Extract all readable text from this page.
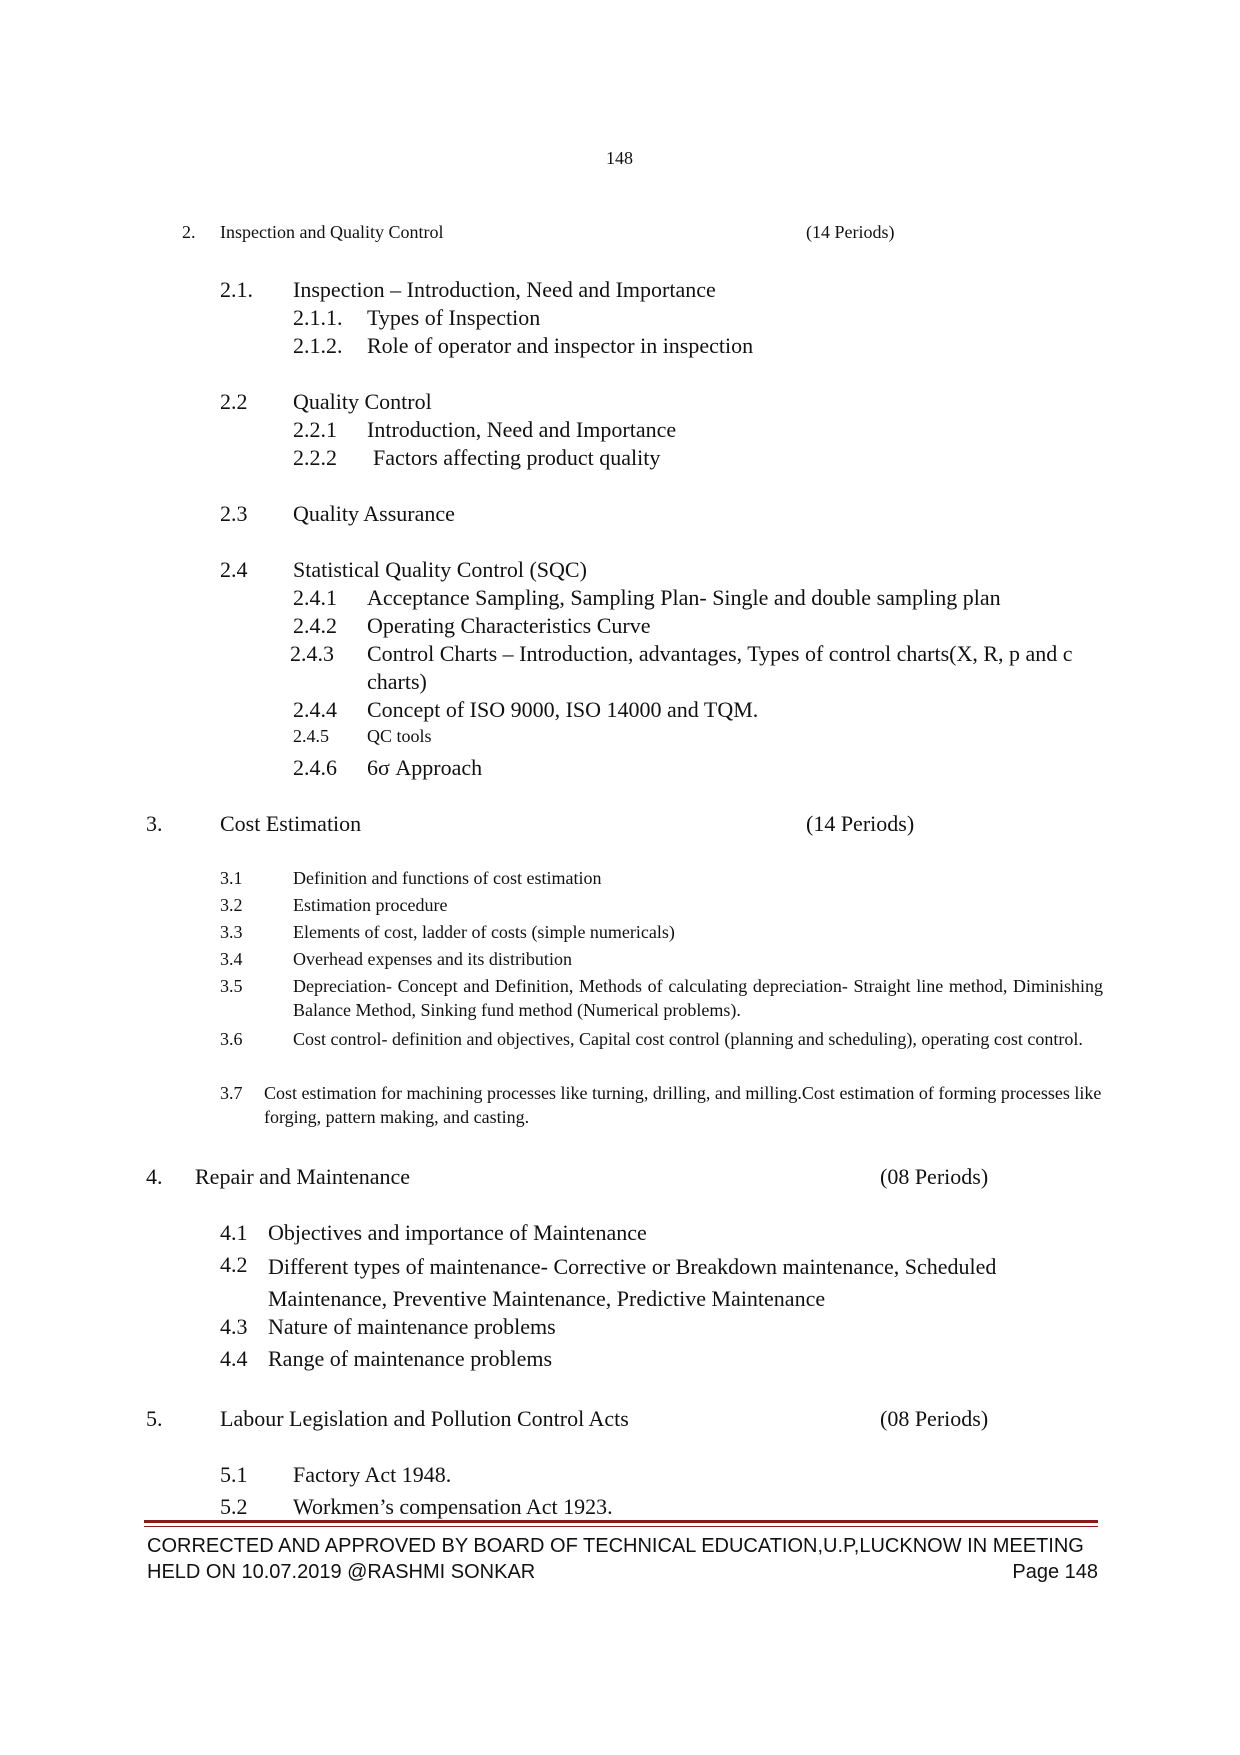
148
2. Inspection and Quality Control	(14 Periods)
2.1. Inspection – Introduction, Need and Importance
2.1.1. Types of Inspection
2.1.2. Role of operator and inspector in inspection
2.2 Quality Control
2.2.1 Introduction, Need and Importance
2.2.2 Factors affecting product quality
2.3 Quality Assurance
2.4 Statistical Quality Control (SQC)
2.4.1 Acceptance Sampling, Sampling Plan- Single and double sampling plan
2.4.2 Operating Characteristics Curve
2.4.3 Control Charts – Introduction, advantages, Types of control charts(X, R, p and c charts)
2.4.4 Concept of ISO 9000, ISO 14000 and TQM.
2.4.5 QC tools
2.4.6 6σ Approach
3.	Cost Estimation	(14 Periods)
3.1	Definition and functions of cost estimation
3.2	Estimation procedure
3.3	Elements of cost, ladder of costs (simple numericals)
3.4	Overhead expenses and its distribution
3.5	Depreciation- Concept and Definition, Methods of calculating depreciation- Straight line method, Diminishing Balance Method, Sinking fund method (Numerical problems).
3.6	Cost control- definition and objectives, Capital cost control (planning and scheduling), operating cost control.
3.7 Cost estimation for machining processes like turning, drilling, and milling.Cost estimation of forming processes like forging, pattern making, and casting.
4. Repair and Maintenance	(08 Periods)
4.1 Objectives and importance of Maintenance
4.2 Different types of maintenance- Corrective or Breakdown maintenance, Scheduled Maintenance, Preventive Maintenance, Predictive Maintenance
4.3 Nature of maintenance problems
4.4 Range of maintenance problems
5.	Labour Legislation and Pollution Control Acts	(08 Periods)
5.1 Factory Act 1948.
5.2 Workmen’s compensation Act 1923.
CORRECTED AND APPROVED BY BOARD OF TECHNICAL EDUCATION,U.P,LUCKNOW IN MEETING
HELD ON 10.07.2019 @RASHMI SONKAR	Page 148
